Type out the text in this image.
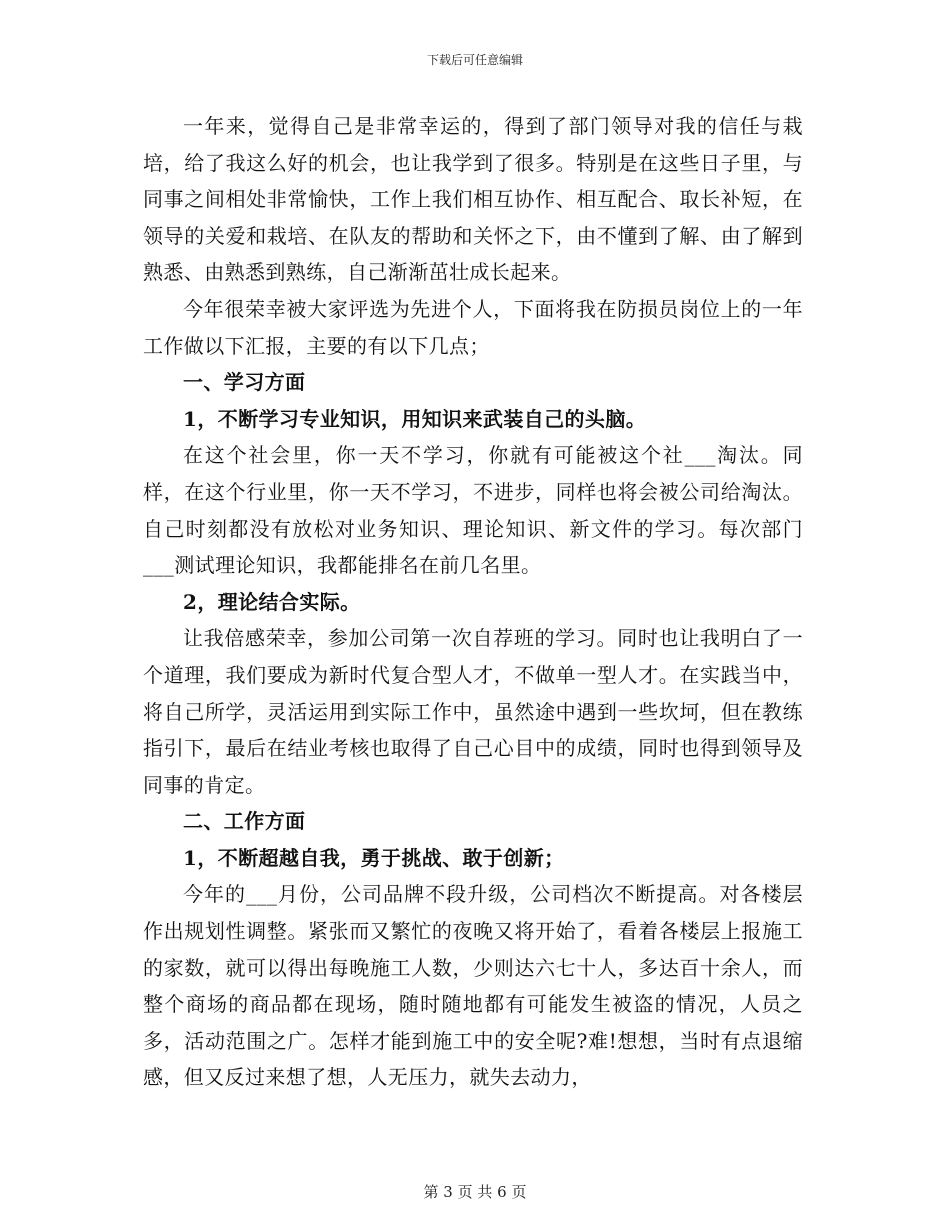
下载后可任意编辑

一年来，觉得自己是非常幸运的，得到了部门领导对我的信任与栽培，给了我这么好的机会，也让我学到了很多。特别是在这些日子里，与同事之间相处非常愉快，工作上我们相互协作、相互配合、取长补短，在领导的关爱和栽培、在队友的帮助和关怀之下，由不懂到了解、由了解到熟悉、由熟悉到熟练，自己渐渐茁壮成长起来。

今年很荣幸被大家评选为先进个人，下面将我在防损员岗位上的一年工作做以下汇报，主要的有以下几点；

一、学习方面

1，不断学习专业知识，用知识来武装自己的头脑。

在这个社会里，你一天不学习，你就有可能被这个社___淘汰。同样，在这个行业里，你一天不学习，不进步，同样也将会被公司给淘汰。自己时刻都没有放松对业务知识、理论知识、新文件的学习。每次部门___测试理论知识，我都能排名在前几名里。

2，理论结合实际。

让我倍感荣幸，参加公司第一次自荐班的学习。同时也让我明白了一个道理，我们要成为新时代复合型人才，不做单一型人才。在实践当中，将自己所学，灵活运用到实际工作中，虽然途中遇到一些坎坷，但在教练指引下，最后在结业考核也取得了自己心目中的成绩，同时也得到领导及同事的肯定。

二、工作方面

1，不断超越自我，勇于挑战、敢于创新；

今年的___月份，公司品牌不段升级，公司档次不断提高。对各楼层作出规划性调整。紧张而又繁忙的夜晚又将开始了，看着各楼层上报施工的家数，就可以得出每晚施工人数，少则达六七十人，多达百十余人，而整个商场的商品都在现场，随时随地都有可能发生被盗的情况，人员之多，活动范围之广。怎样才能到施工中的安全呢?难!想想，当时有点退缩感，但又反过来想了想，人无压力，就失去动力，

第 3 页 共 6 页
